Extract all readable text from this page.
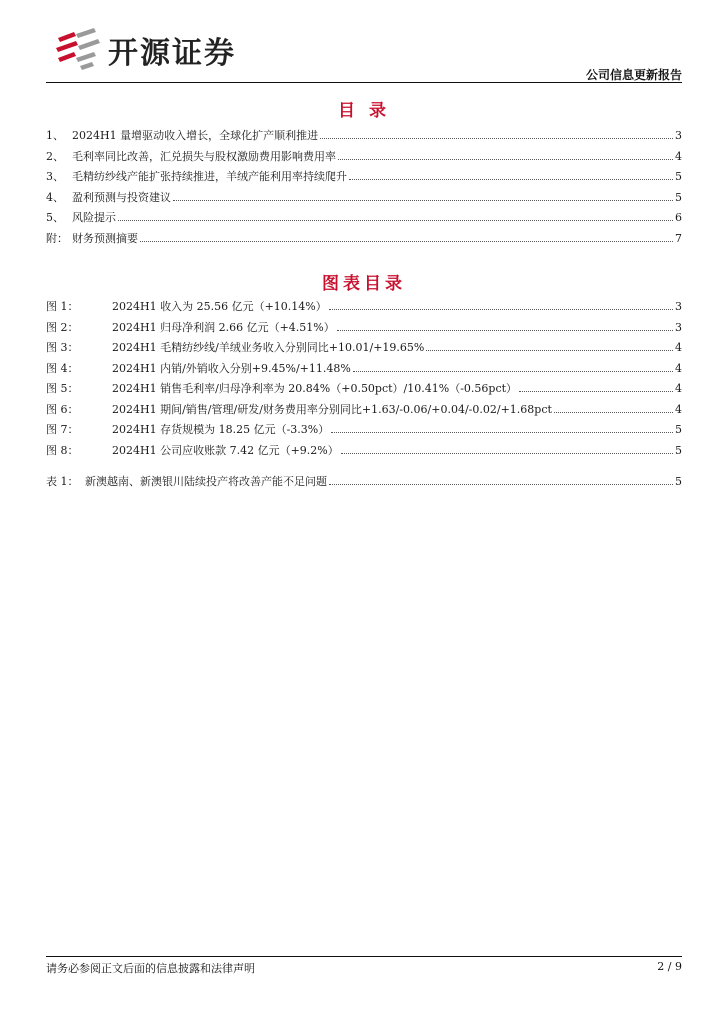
开源证券
公司信息更新报告
目 录
1、 2024H1 量增驱动收入增长，全球化扩产顺利推进	3
2、 毛利率同比改善，汇兑损失与股权激励费用影响费用率	4
3、 毛精纺纱线产能扩张持续推进，羊绒产能利用率持续爬升	5
4、 盈利预测与投资建议	5
5、 风险提示	6
附： 财务预测摘要	7
图表目录
图 1：	2024H1 收入为 25.56 亿元（+10.14%）	3
图 2：	2024H1 归母净利润 2.66 亿元（+4.51%）	3
图 3：	2024H1 毛精纺纱线/羊绒业务收入分别同比+10.01/+19.65%	4
图 4：	2024H1 内销/外销收入分别+9.45%/+11.48%	4
图 5：	2024H1 销售毛利率/归母净利率为 20.84%（+0.50pct）/10.41%（-0.56pct）	4
图 6：	2024H1 期间/销售/管理/研发/财务费用率分别同比+1.63/-0.06/+0.04/-0.02/+1.68pct	4
图 7：	2024H1 存货规模为 18.25 亿元（-3.3%）	5
图 8：	2024H1 公司应收账款 7.42 亿元（+9.2%）	5
表 1： 新澳越南、新澳银川陆续投产将改善产能不足问题	5
请务必参阅正文后面的信息披露和法律声明	2 / 9
